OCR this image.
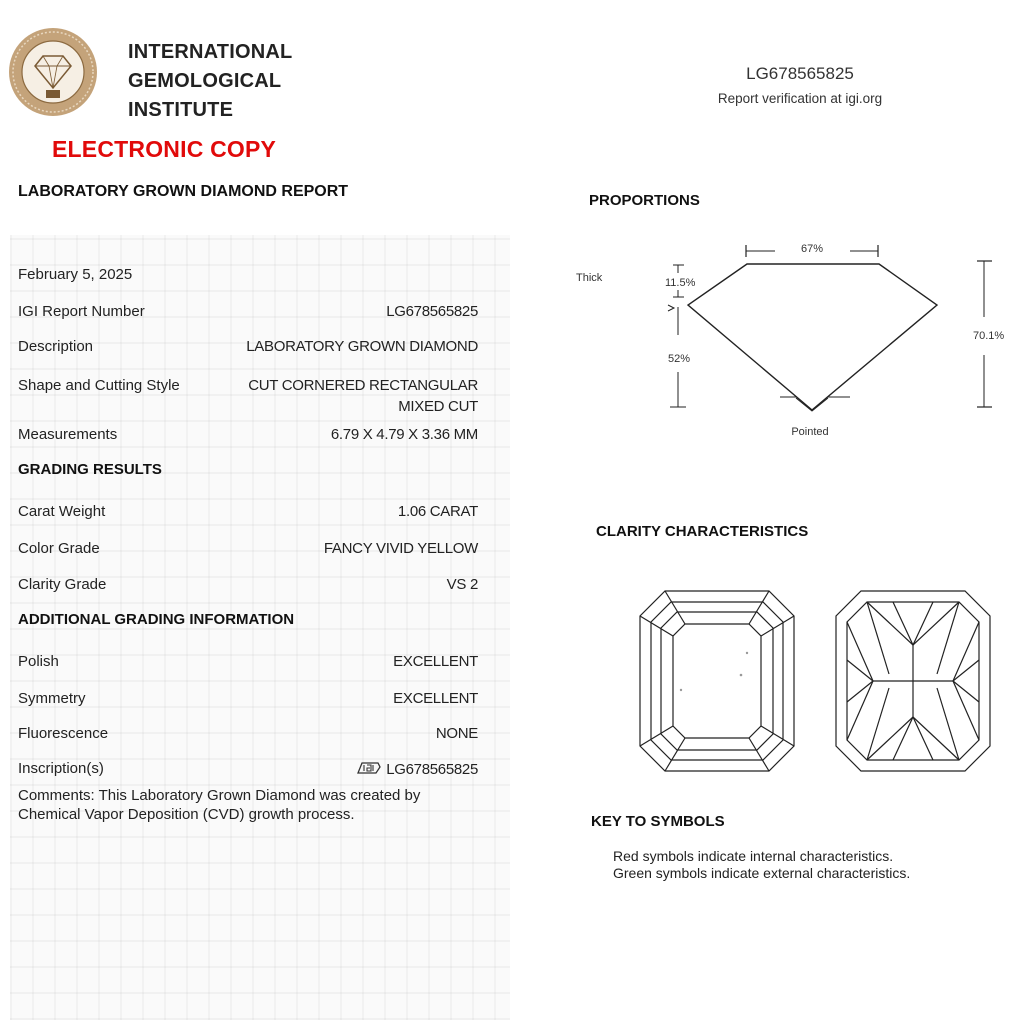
INTERNATIONAL
GEMOLOGICAL
INSTITUTE
ELECTRONIC COPY
LABORATORY GROWN DIAMOND REPORT
LG678565825
Report verification at igi.org
February 5, 2025
IGI Report Number	LG678565825
Description	LABORATORY GROWN DIAMOND
Shape and Cutting Style	CUT CORNERED RECTANGULAR
MIXED CUT
Measurements	6.79 X 4.79 X 3.36 MM
GRADING RESULTS
Carat Weight	1.06 CARAT
Color Grade	FANCY VIVID YELLOW
Clarity Grade	VS 2
ADDITIONAL GRADING INFORMATION
Polish	EXCELLENT
Symmetry	EXCELLENT
Fluorescence	NONE
Inscription(s)	LG678565825
Comments: This Laboratory Grown Diamond was created by Chemical Vapor Deposition (CVD) growth process.
PROPORTIONS
67%
11.5%
Thick
52%
70.1%
Pointed
CLARITY CHARACTERISTICS
KEY TO SYMBOLS
Red symbols indicate internal characteristics.
Green symbols indicate external characteristics.
